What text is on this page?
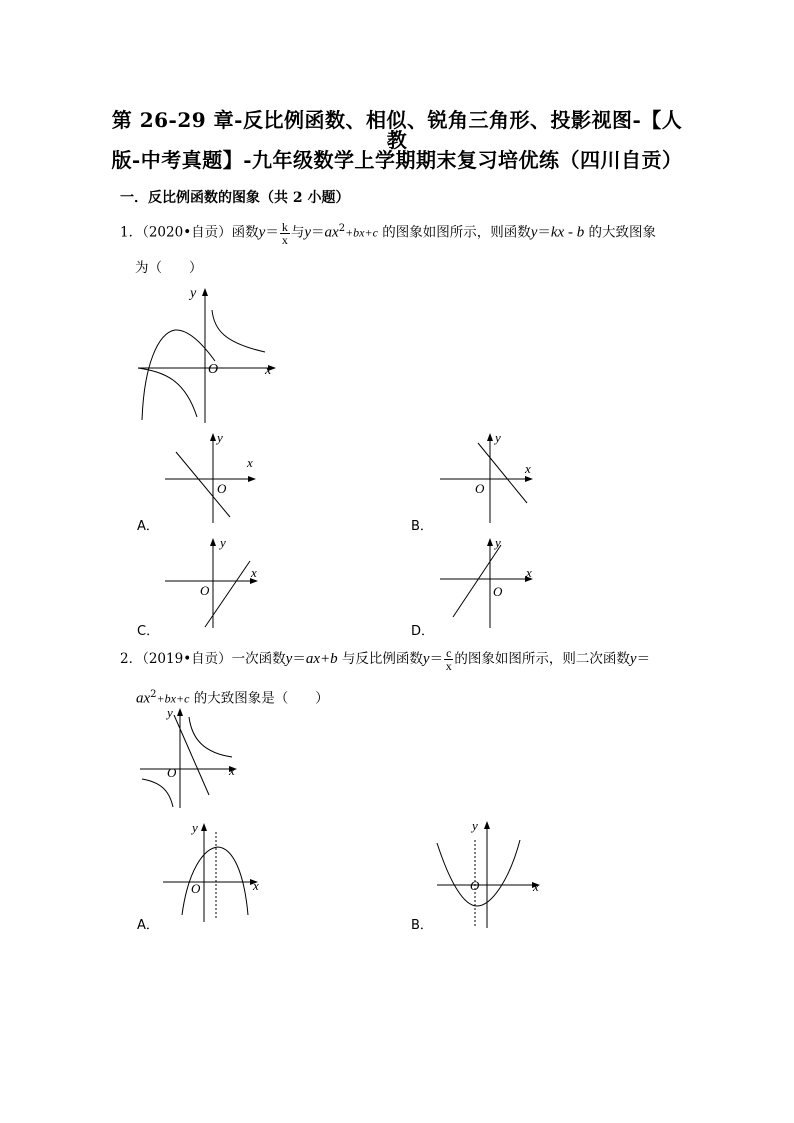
第 26-29 章-反比例函数、相似、锐角三角形、投影视图-【人教
版-中考真题】-九年级数学上学期期末复习培优练（四川自贡）
一．反比例函数的图象（共 2 小题）
1．（2020•自贡）函数$y= \frac{k}{x}$ 与$y=ax^2+bx+c$ 的图象如图所示，则函数y＝kx - b 的大致图象
为（　　）
y
x
O
y
x
O
A．
y
x
O
B．
y
x
O
C．
y
x
O
D．
2．（2019•自贡）一次函数y＝ax+b 与反比例函数$y= \frac{c}{x}$ 的图象如图所示，则二次函数y＝
$ax^2+bx+c$ 的大致图象是（　　）
y
x
O
y
x
O
A．
y
x
O
B．
